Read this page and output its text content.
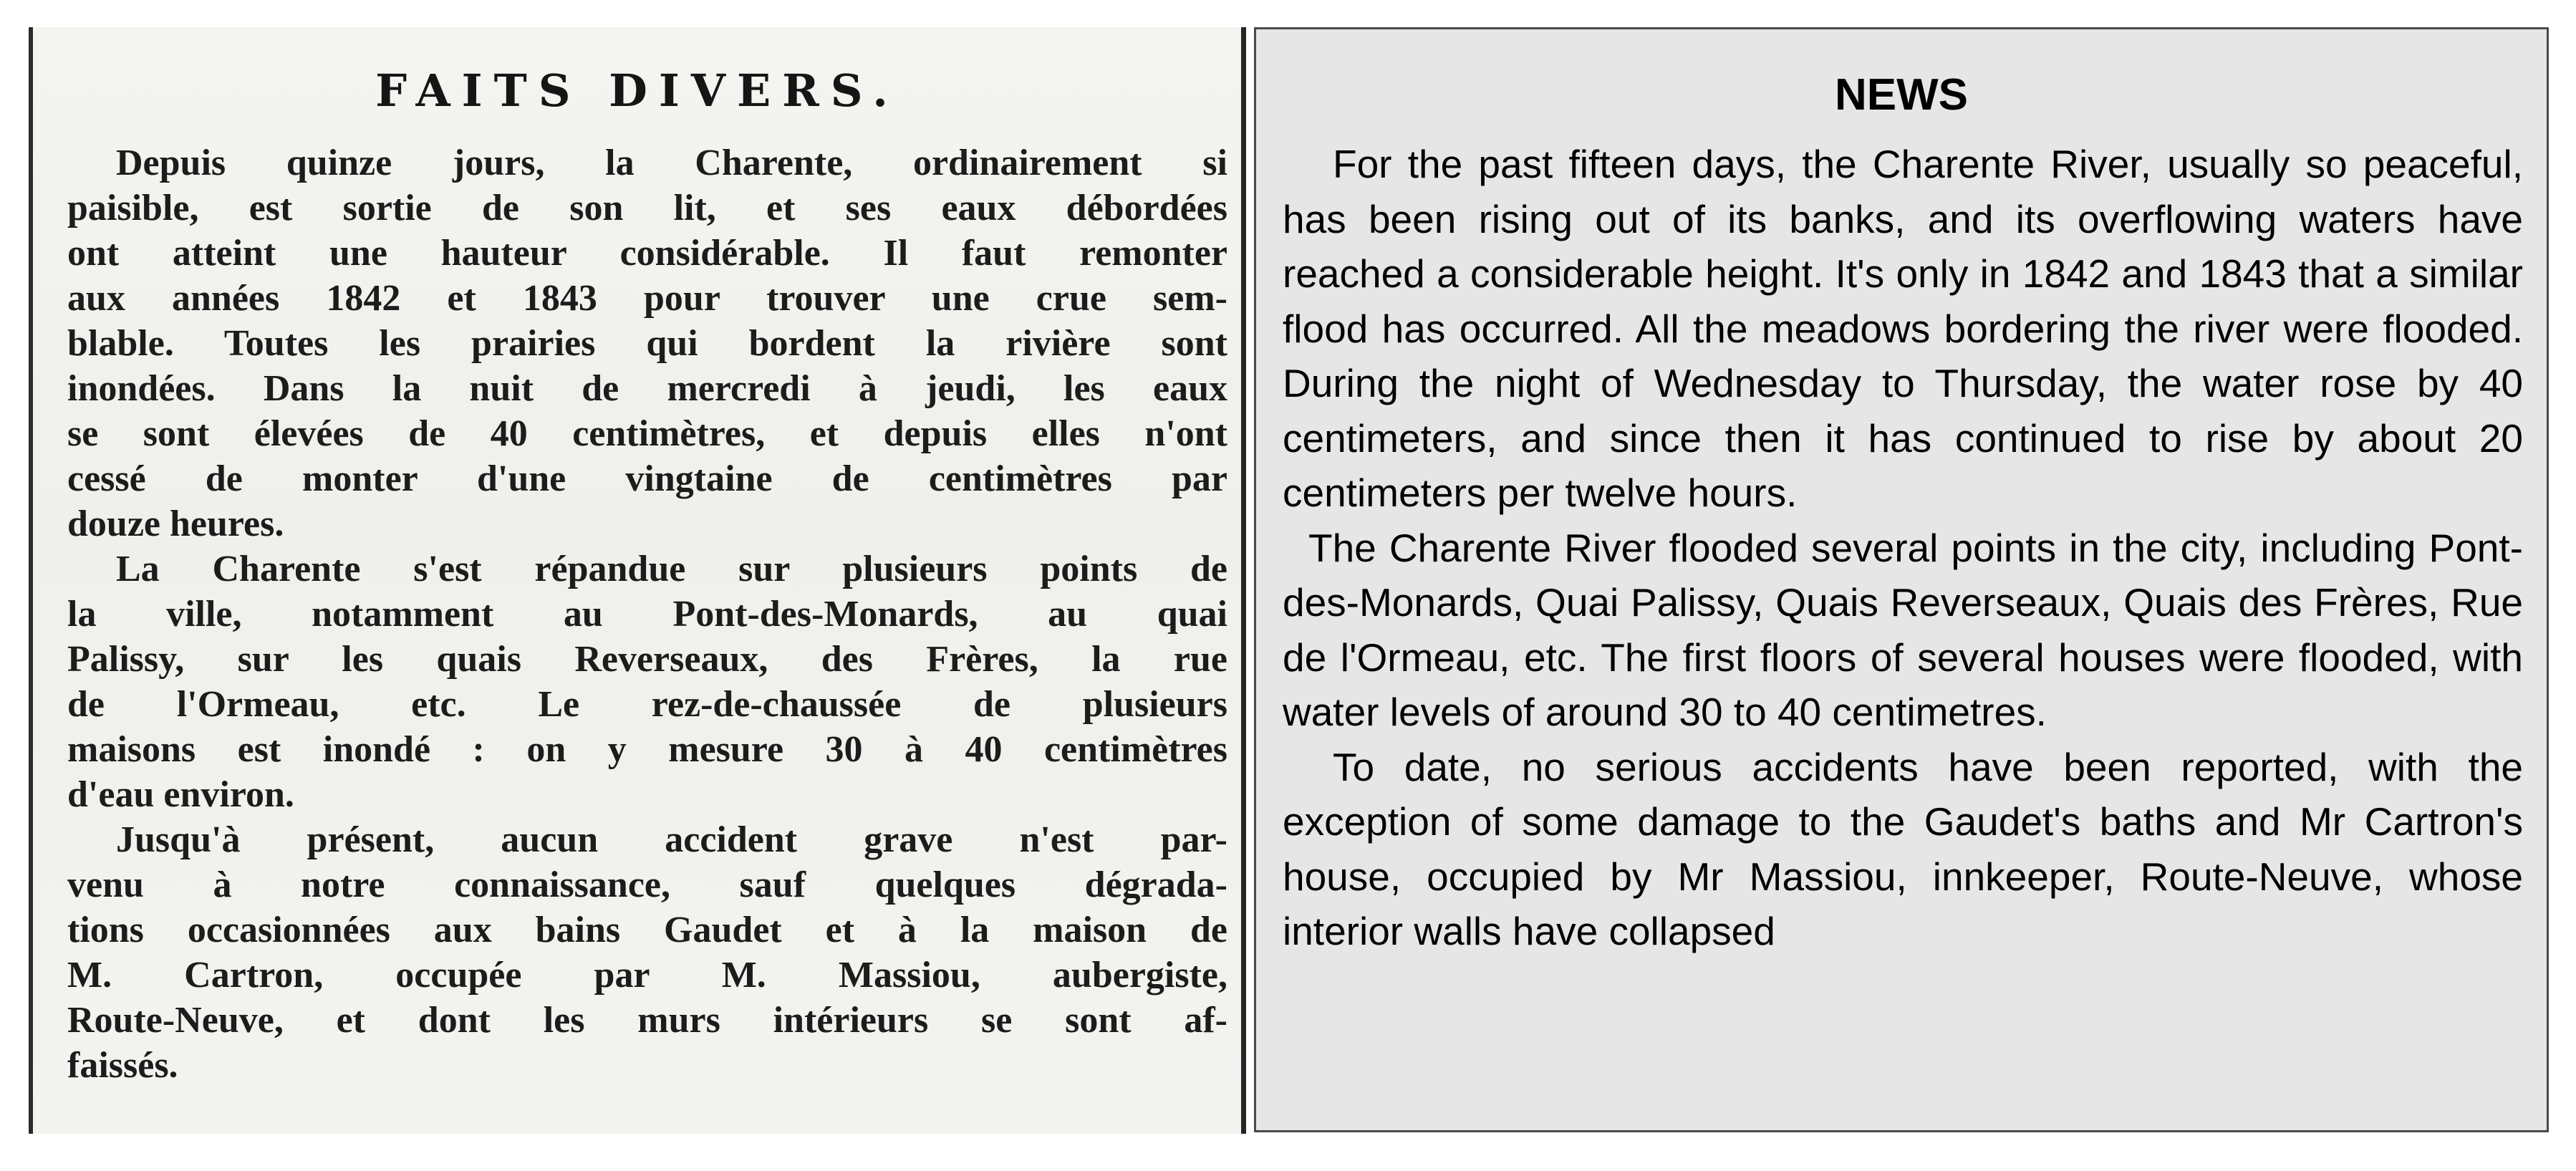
FAITS DIVERS.

Depuis quinze jours, la Charente, ordinairement si
paisible, est sortie de son lit, et ses eaux débordées
ont atteint une hauteur considérable. Il faut remonter
aux années 1842 et 1843 pour trouver une crue sem-
blable. Toutes les prairies qui bordent la rivière sont
inondées. Dans la nuit de mercredi à jeudi, les eaux
se sont élevées de 40 centimètres, et depuis elles n'ont
cessé de monter d'une vingtaine de centimètres par
douze heures.

La Charente s'est répandue sur plusieurs points de
la ville, notamment au Pont-des-Monards, au quai
Palissy, sur les quais Reverseaux, des Frères, la rue
de l'Ormeau, etc. Le rez-de-chaussée de plusieurs
maisons est inondé : on y mesure 30 à 40 centimètres
d'eau environ.

Jusqu'à présent, aucun accident grave n'est par-
venu à notre connaissance, sauf quelques dégrada-
tions occasionnées aux bains Gaudet et à la maison de
M. Cartron, occupée par M. Massiou, aubergiste,
Route-Neuve, et dont les murs intérieurs se sont af-
faissés.

NEWS

For the past fifteen days, the Charente River, usually so peaceful, has been rising out of its banks, and its overflowing waters have reached a considerable height. It's only in 1842 and 1843 that a similar flood has occurred. All the meadows bordering the river were flooded. During the night of Wednesday to Thursday, the water rose by 40 centimeters, and since then it has continued to rise by about 20 centimeters per twelve hours.

The Charente River flooded several points in the city, including Pont-des-Monards, Quai Palissy, Quais Reverseaux, Quais des Frères, Rue de l'Ormeau, etc. The first floors of several houses were flooded, with water levels of around 30 to 40 centimetres.

To date, no serious accidents have been reported, with the exception of some damage to the Gaudet's baths and Mr Cartron's house, occupied by Mr Massiou, innkeeper, Route-Neuve, whose interior walls have collapsed
